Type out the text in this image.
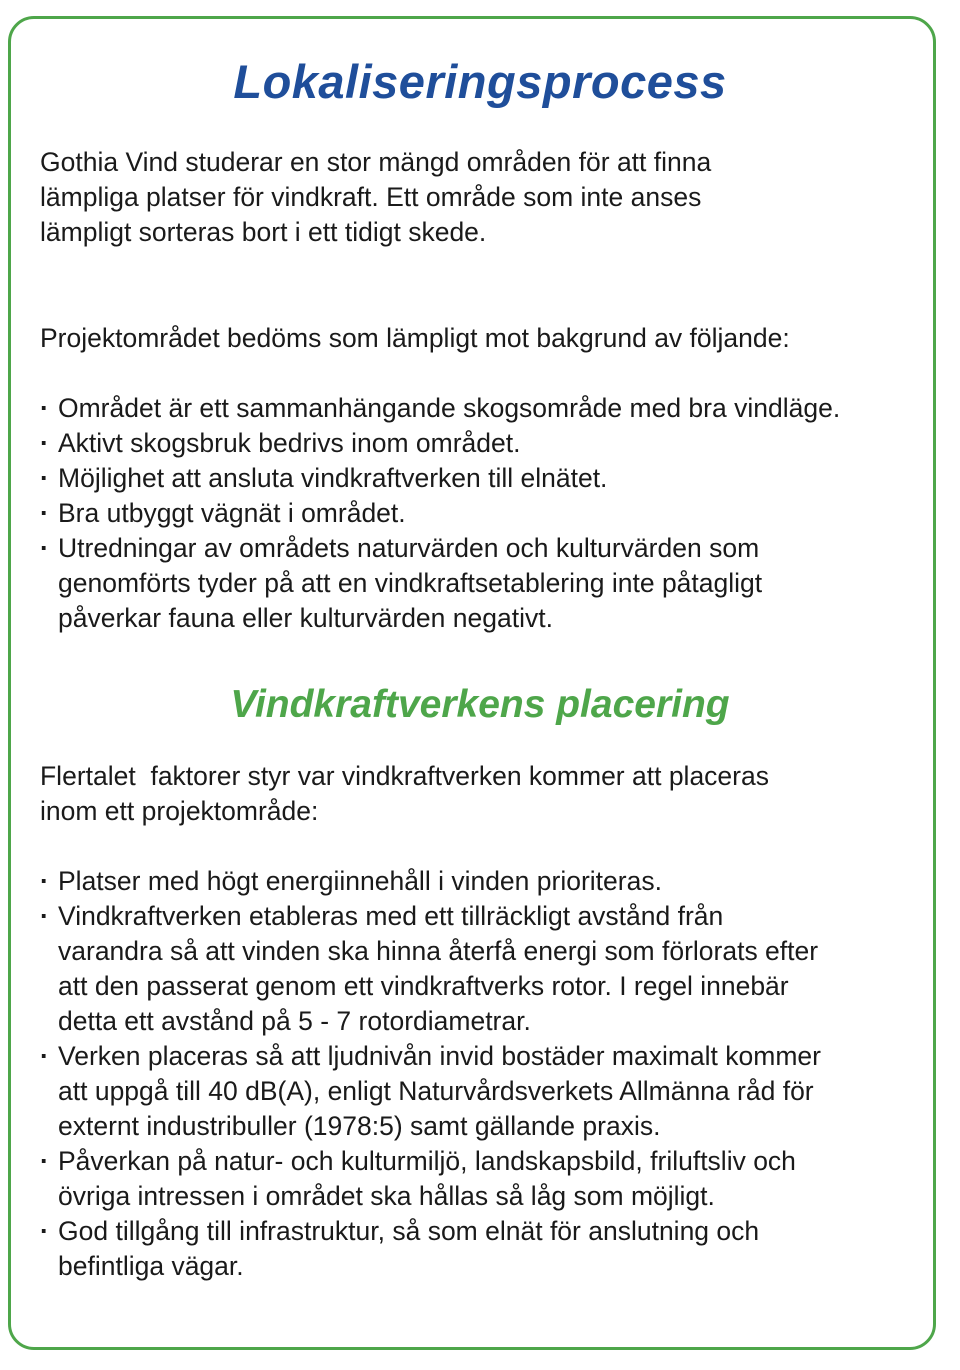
Lokaliseringsprocess

Gothia Vind studerar en stor mängd områden för att finna
lämpliga platser för vindkraft. Ett område som inte anses
lämpligt sorteras bort i ett tidigt skede.

Projektområdet bedöms som lämpligt mot bakgrund av följande:

· Området är ett sammanhängande skogsområde med bra vindläge.
· Aktivt skogsbruk bedrivs inom området.
· Möjlighet att ansluta vindkraftverken till elnätet.
· Bra utbyggt vägnät i området.
· Utredningar av områdets naturvärden och kulturvärden som
genomförts tyder på att en vindkraftsetablering inte påtagligt
påverkar fauna eller kulturvärden negativt.
Vindkraftverkens placering

Flertalet  faktorer styr var vindkraftverken kommer att placeras
inom ett projektområde:

· Platser med högt energiinnehåll i vinden prioriteras.
· Vindkraftverken etableras med ett tillräckligt avstånd från
varandra så att vinden ska hinna återfå energi som förlorats efter
att den passerat genom ett vindkraftverks rotor. I regel innebär
detta ett avstånd på 5 - 7 rotordiametrar.
· Verken placeras så att ljudnivån invid bostäder maximalt kommer
att uppgå till 40 dB(A), enligt Naturvårdsverkets Allmänna råd för
externt industribuller (1978:5) samt gällande praxis.
· Påverkan på natur- och kulturmiljö, landskapsbild, friluftsliv och
övriga intressen i området ska hållas så låg som möjligt.
· God tillgång till infrastruktur, så som elnät för anslutning och
befintliga vägar.
